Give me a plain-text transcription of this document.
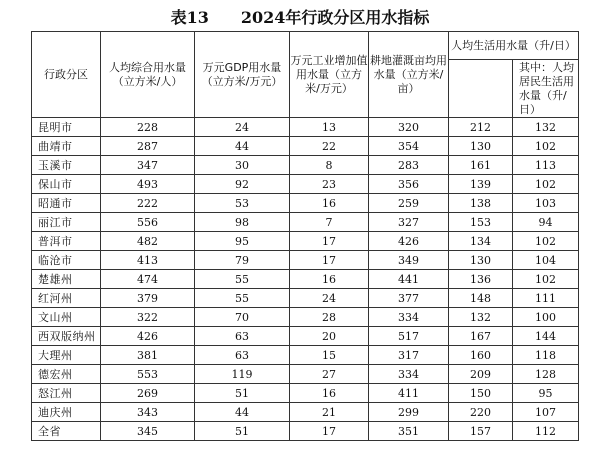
表13　　2024年行政分区用水指标
行政分区	人均综合用水量（立方米/人）	万元GDP用水量（立方米/万元）	万元工业增加值用水量（立方米/万元）	耕地灌溉亩均用水量（立方米/亩）	人均生活用水量（升/日）	
						其中：人均居民生活用水量（升/日）
昆明市	228	24	13	320	212	132
曲靖市	287	44	22	354	130	102
玉溪市	347	30	8	283	161	113
保山市	493	92	23	356	139	102
昭通市	222	53	16	259	138	103
丽江市	556	98	7	327	153	94
普洱市	482	95	17	426	134	102
临沧市	413	79	17	349	130	104
楚雄州	474	55	16	441	136	102
红河州	379	55	24	377	148	111
文山州	322	70	28	334	132	100
西双版纳州	426	63	20	517	167	144
大理州	381	63	15	317	160	118
德宏州	553	119	27	334	209	128
怒江州	269	51	16	411	150	95
迪庆州	343	44	21	299	220	107
全省	345	51	17	351	157	112
